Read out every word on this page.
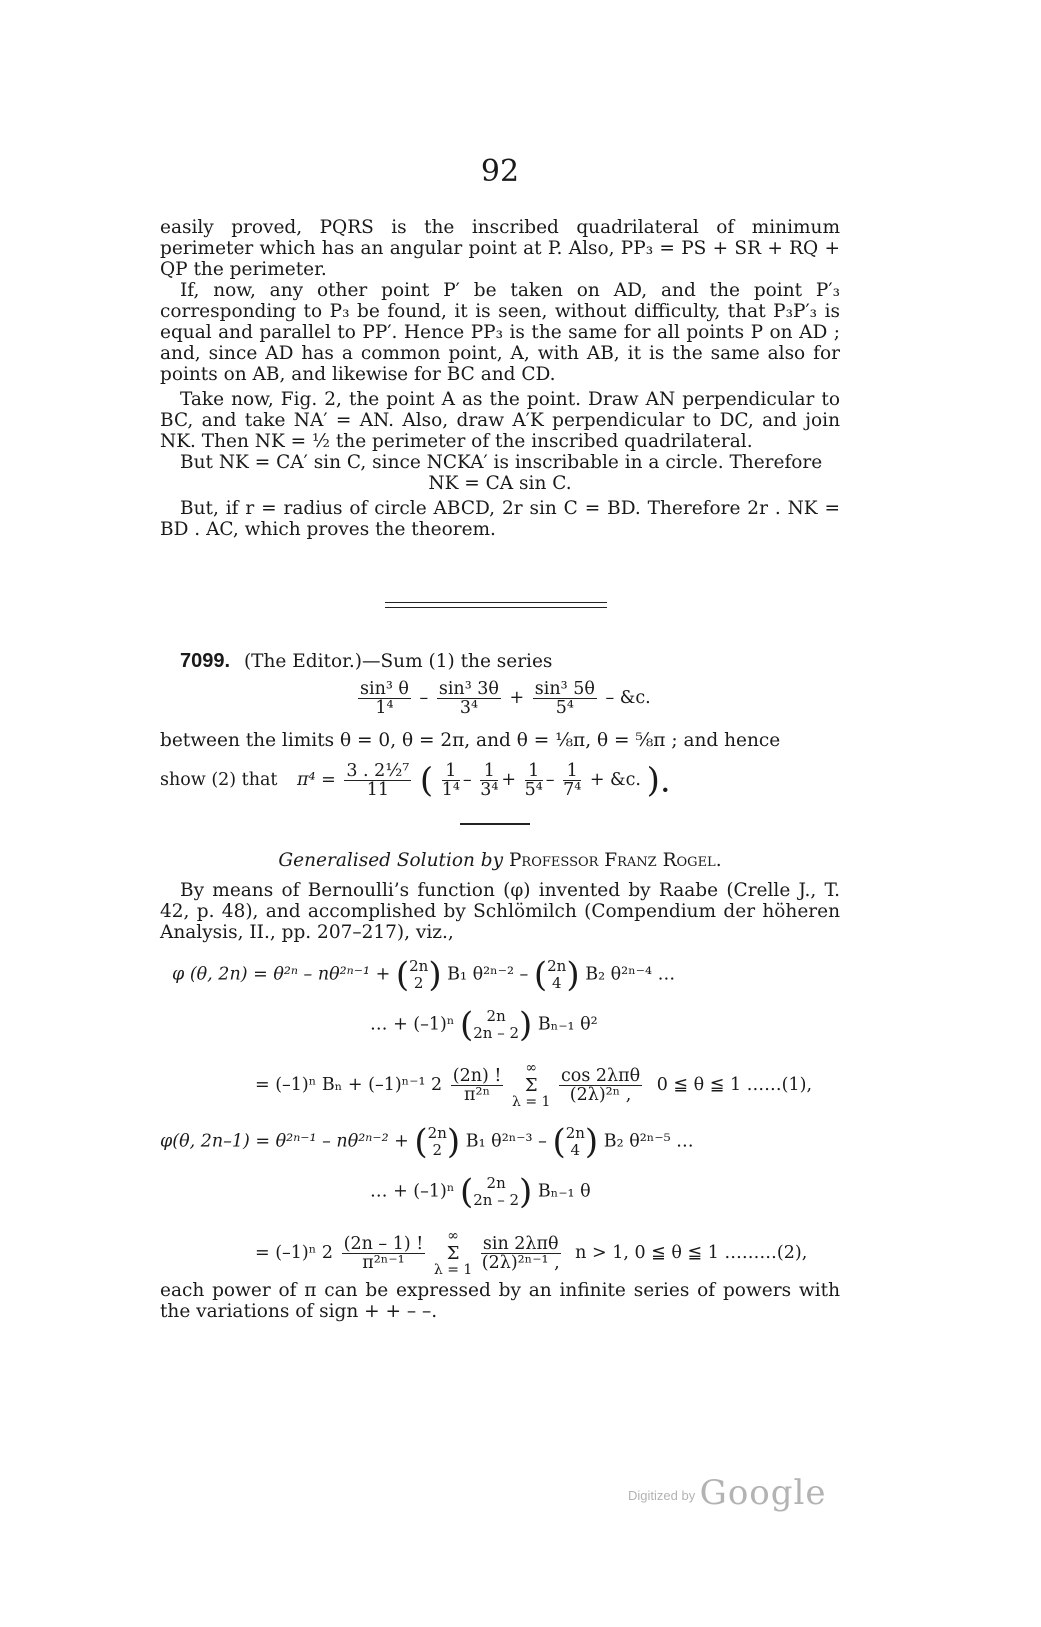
92

easily proved, PQRS is the inscribed quadrilateral of minimum perimeter which has an angular point at P. Also, PP₃ = PS + SR + RQ + QP the perimeter.

If, now, any other point P′ be taken on AD, and the point P′₃ corresponding to P₃ be found, it is seen, without difficulty, that P₃P′₃ is equal and parallel to PP′. Hence PP₃ is the same for all points P on AD ; and, since AD has a common point, A, with AB, it is the same also for points on AB, and likewise for BC and CD.

Take now, Fig. 2, the point A as the point. Draw AN perpendicular to BC, and take NA′ = AN. Also, draw A′K perpendicular to DC, and join NK. Then NK = ½ the perimeter of the inscribed quadrilateral.

But NK = CA′ sin C, since NCKA′ is inscribable in a circle. Therefore

NK = CA sin C.

But, if r = radius of circle ABCD, 2r sin C = BD. Therefore 2r . NK = BD . AC, which proves the theorem.

7099. (The Editor.)—Sum (1) the series
$\frac{\text{sin³ θ}}{\text{1⁴}} - \frac{\text{sin³ 3θ}}{\text{3⁴}} + \frac{\text{sin³ 5θ}}{\text{5⁴}}$ – &c.

between the limits θ = 0, θ = 2π, and θ = ⅛π, θ = ⅝π ; and hence

show (2) that $\pi^4 = \frac{\text{3 . 2½⁷}}{11}$ ( $\frac{1}{\text{1⁴}} - \frac{1}{\text{3⁴}} + \frac{1}{\text{5⁴}} - \frac{1}{\text{7⁴}}$ + &c. ).

Generalised Solution by Professor Franz Rogel.

By means of Bernoulli’s function (φ) invented by Raabe (Crelle J., T. 42, p. 48), and accomplished by Schlömilch (Compendium der höheren Analysis, II., pp. 207–217), viz.,

φ (θ, 2n) = θ²ⁿ – nθ²ⁿ⁻¹ + ( 2n
2 ) B₁ θ²ⁿ⁻² – ( 2n
4 ) B₂ θ²ⁿ⁻⁴ …
… + (–1)ⁿ ( 2n
2n – 2 ) Bₙ₋₁ θ²
= (–1)ⁿ Bₙ + (–1)ⁿ⁻¹ $2 \frac{(2n) !}{\text{π²ⁿ}}$
	∞
Σ
λ = 1
$\frac{\text{cos 2λπθ}}{\text{(2λ)²ⁿ ,}} 0$ ≦ θ ≦ 1 ……(1),
φ(θ, 2n–1) = θ²ⁿ⁻¹ – nθ²ⁿ⁻² + ( 2n
2 ) B₁ θ²ⁿ⁻³ – ( 2n
4 ) B₂ θ²ⁿ⁻⁵ …
… + (–1)ⁿ ( 2n
2n – 2 ) Bₙ₋₁ θ
= (–1)ⁿ $2 \frac{(2n - 1) !}{\text{π²ⁿ⁻¹}}$
	∞
Σ
λ = 1
$\frac{\text{sin 2λπθ}}{\text{(2λ)²ⁿ⁻¹ ,}}$ n > 1, 0 ≦ θ ≦ 1 ………(2),

each power of π can be expressed by an infinite series of powers with the variations of sign + + – –.

$^{Digitized by}$ Google
